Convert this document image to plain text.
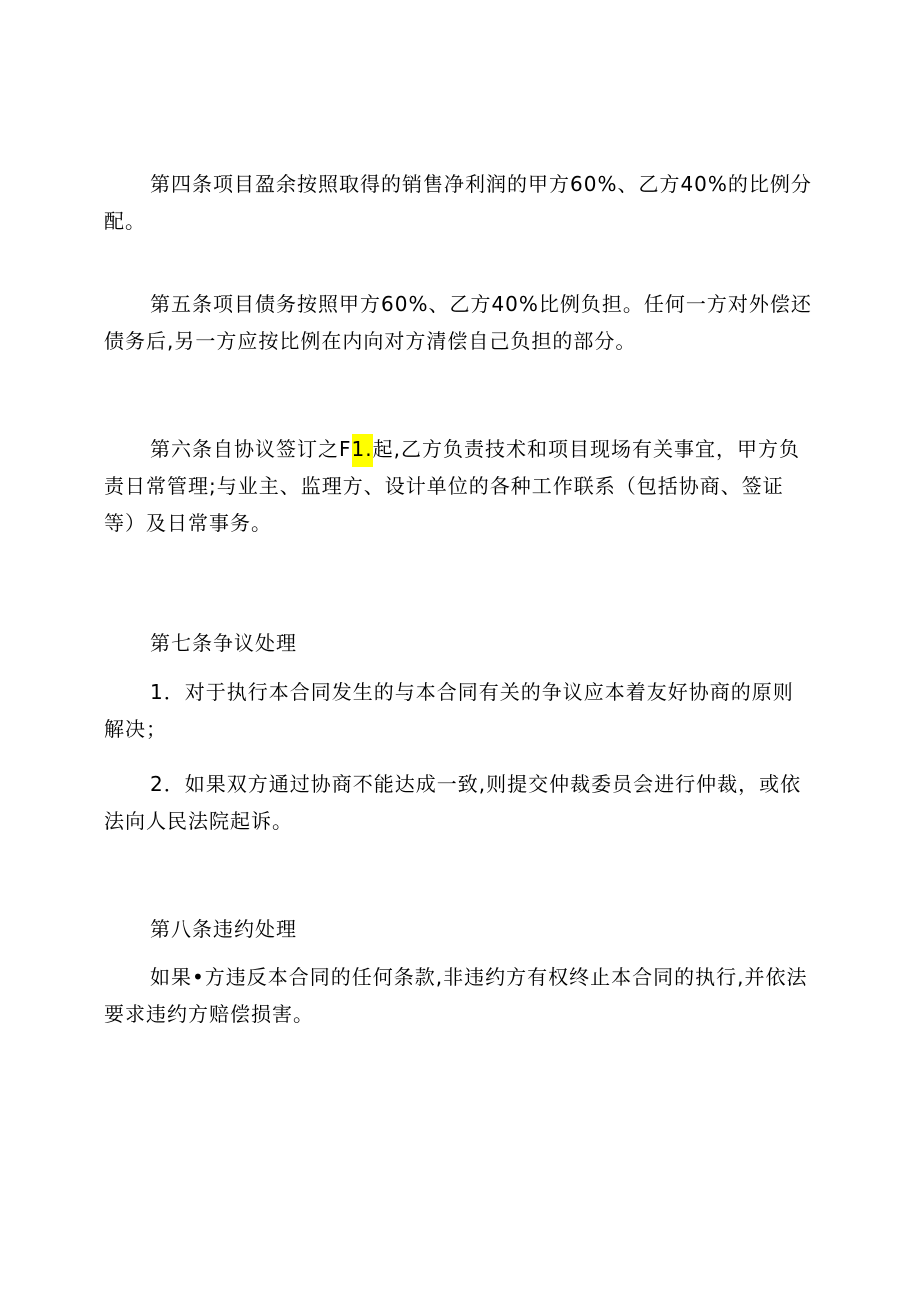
第四条项目盈余按照取得的销售净利润的甲方60%、乙方40%的比例分配。

第五条项目债务按照甲方60%、乙方40%比例负担。任何一方对外偿还债务后,另一方应按比例在内向对方清偿自己负担的部分。

第六条自协议签订之F1.起,乙方负责技术和项目现场有关事宜，甲方负责日常管理;与业主、监理方、设计单位的各种工作联系（包括协商、签证等）及日常事务。

第七条争议处理

1．对于执行本合同发生的与本合同有关的争议应本着友好协商的原则解决；

2．如果双方通过协商不能达成一致,则提交仲裁委员会进行仲裁，或依法向人民法院起诉。

第八条违约处理

如果•方违反本合同的任何条款,非违约方有权终止本合同的执行,并依法要求违约方赔偿损害。
